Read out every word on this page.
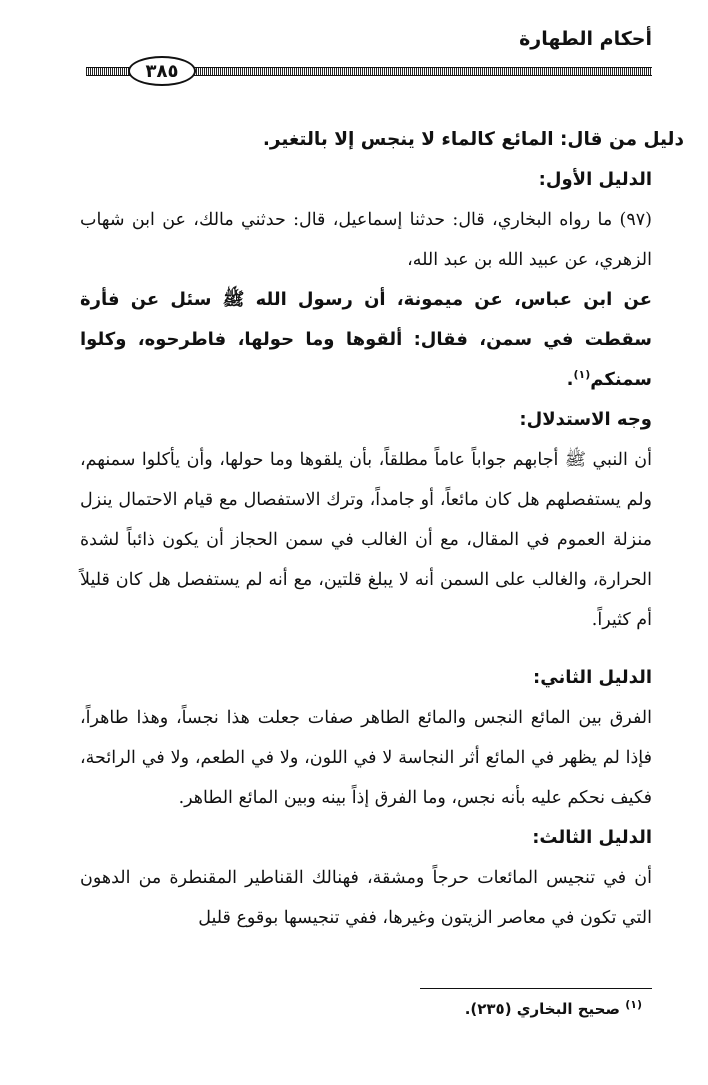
أحكام الطهارة
٣٨٥

دليل من قال: المائع كالماء لا ينجس إلا بالتغير.

الدليل الأول:

(٩٧) ما رواه البخاري، قال: حدثنا إسماعيل، قال: حدثني مالك، عن ابن شهاب الزهري، عن عبيد الله بن عبد الله،

عن ابن عباس، عن ميمونة، أن رسول الله ﷺ سئل عن فأرة سقطت في سمن، فقال: ألقوها وما حولها، فاطرحوه، وكلوا سمنكم$^{(١)}$.

وجه الاستدلال:

أن النبي ﷺ أجابهم جواباً عاماً مطلقاً، بأن يلقوها وما حولها، وأن يأكلوا سمنهم، ولم يستفصلهم هل كان مائعاً، أو جامداً، وترك الاستفصال مع قيام الاحتمال ينزل منزلة العموم في المقال، مع أن الغالب في سمن الحجاز أن يكون ذائباً لشدة الحرارة، والغالب على السمن أنه لا يبلغ قلتين، مع أنه لم يستفصل هل كان قليلاً أم كثيراً.

الدليل الثاني:

الفرق بين المائع النجس والمائع الطاهر صفات جعلت هذا نجساً، وهذا طاهراً، فإذا لم يظهر في المائع أثر النجاسة لا في اللون، ولا في الطعم، ولا في الرائحة، فكيف نحكم عليه بأنه نجس، وما الفرق إذاً بينه وبين المائع الطاهر.

الدليل الثالث:

أن في تنجيس المائعات حرجاً ومشقة، فهنالك القناطير المقنطرة من الدهون التي تكون في معاصر الزيتون وغيرها، ففي تنجيسها بوقوع قليل

$^{(١)}$ صحيح البخاري (٢٣٥).
